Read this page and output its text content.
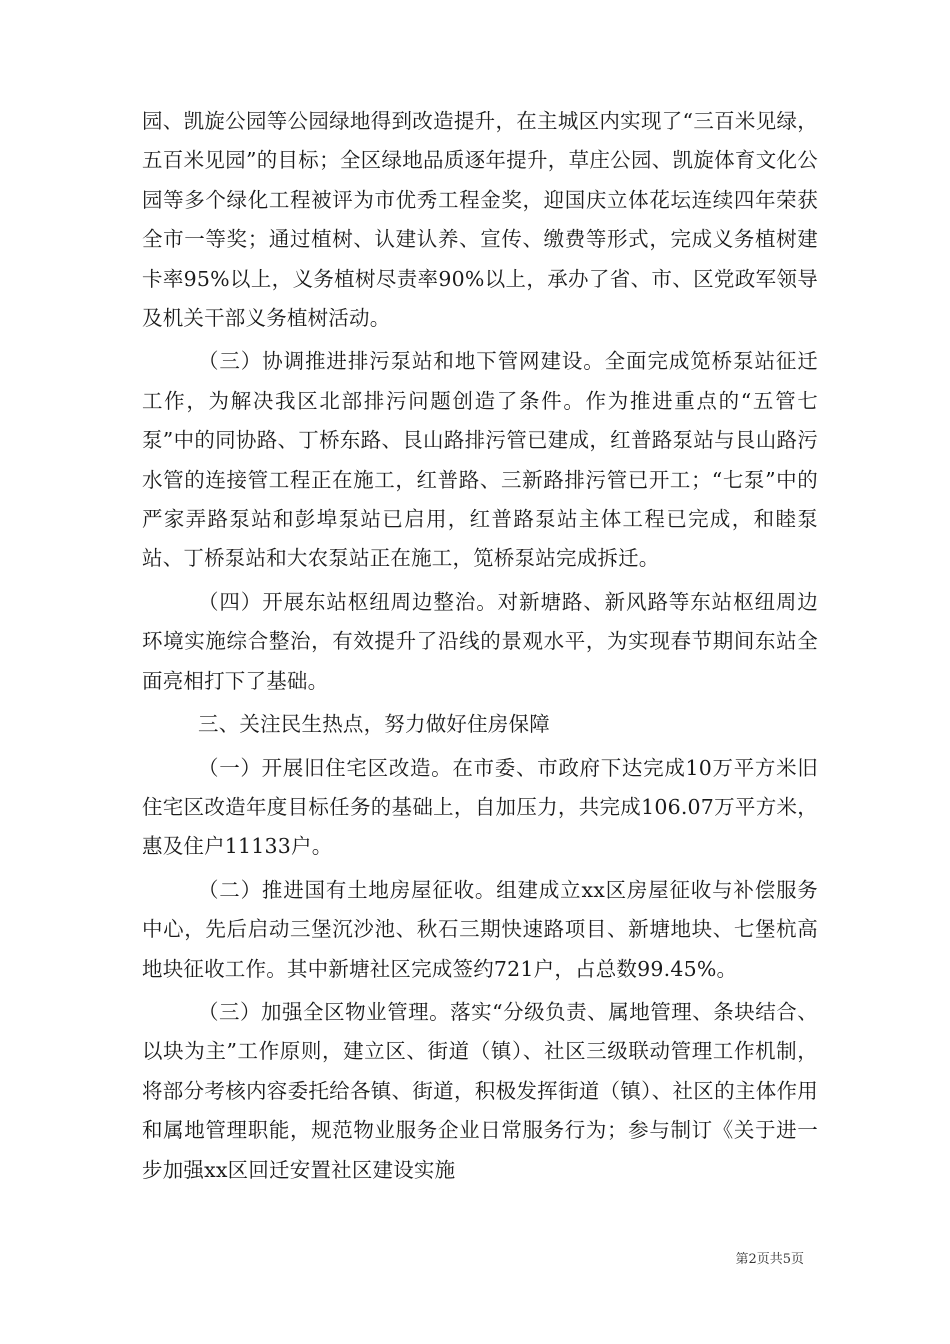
园、凯旋公园等公园绿地得到改造提升，在主城区内实现了“三百米见绿，五百米见园”的目标；全区绿地品质逐年提升，草庄公园、凯旋体育文化公园等多个绿化工程被评为市优秀工程金奖，迎国庆立体花坛连续四年荣获全市一等奖；通过植树、认建认养、宣传、缴费等形式，完成义务植树建卡率95%以上，义务植树尽责率90%以上，承办了省、市、区党政军领导及机关干部义务植树活动。

（三）协调推进排污泵站和地下管网建设。全面完成笕桥泵站征迁工作，为解决我区北部排污问题创造了条件。作为推进重点的“五管七泵”中的同协路、丁桥东路、艮山路排污管已建成，红普路泵站与艮山路污水管的连接管工程正在施工，红普路、三新路排污管已开工；“七泵”中的严家弄路泵站和彭埠泵站已启用，红普路泵站主体工程已完成，和睦泵站、丁桥泵站和大农泵站正在施工，笕桥泵站完成拆迁。

（四）开展东站枢纽周边整治。对新塘路、新风路等东站枢纽周边环境实施综合整治，有效提升了沿线的景观水平，为实现春节期间东站全面亮相打下了基础。

三、关注民生热点，努力做好住房保障

（一）开展旧住宅区改造。在市委、市政府下达完成10万平方米旧住宅区改造年度目标任务的基础上，自加压力，共完成106.07万平方米，惠及住户11133户。

（二）推进国有土地房屋征收。组建成立xx区房屋征收与补偿服务中心，先后启动三堡沉沙池、秋石三期快速路项目、新塘地块、七堡杭高地块征收工作。其中新塘社区完成签约721户，占总数99.45%。

（三）加强全区物业管理。落实“分级负责、属地管理、条块结合、以块为主”工作原则，建立区、街道（镇）、社区三级联动管理工作机制，将部分考核内容委托给各镇、街道，积极发挥街道（镇）、社区的主体作用和属地管理职能，规范物业服务企业日常服务行为；参与制订《关于进一步加强xx区回迁安置社区建设实施

第2页共5页
